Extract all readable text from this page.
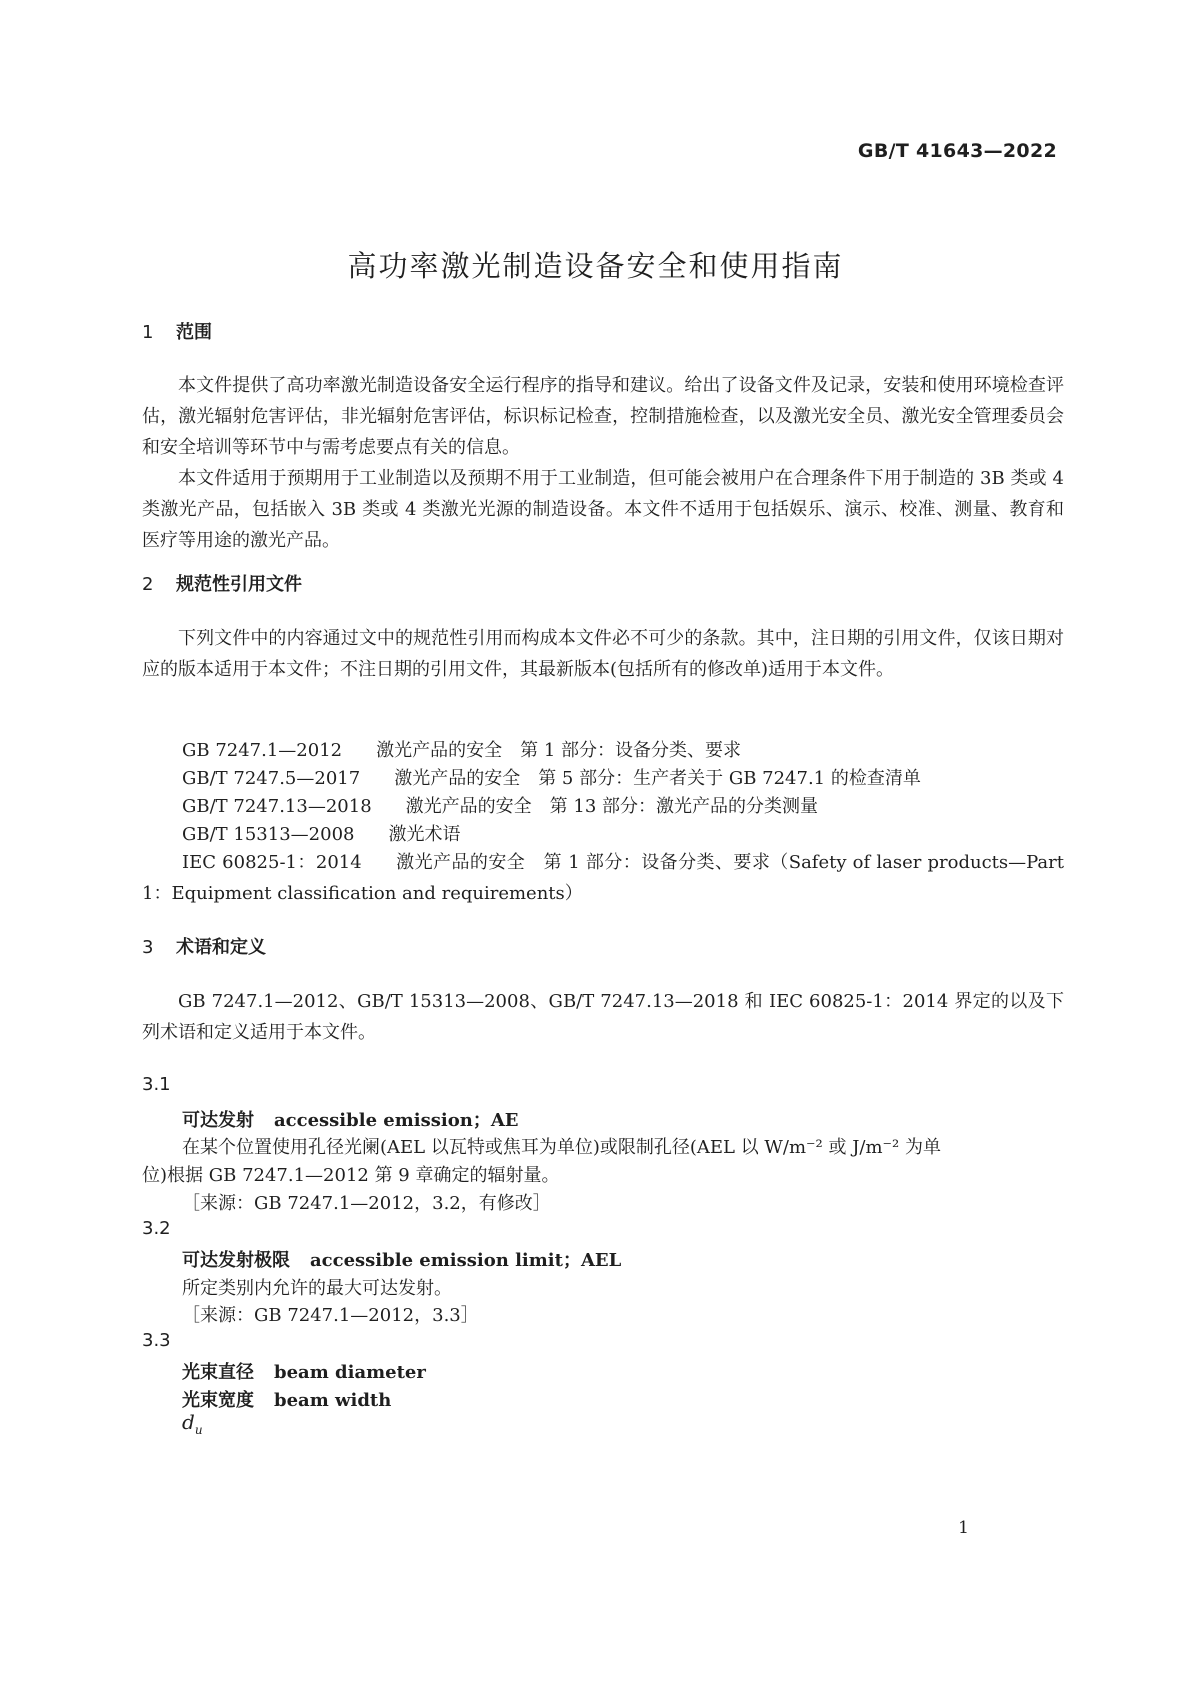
GB/T 41643—2022
高功率激光制造设备安全和使用指南
1 范围
本文件提供了高功率激光制造设备安全运行程序的指导和建议。给出了设备文件及记录，安装和使用环境检查评估，激光辐射危害评估，非光辐射危害评估，标识标记检查，控制措施检查，以及激光安全员、激光安全管理委员会和安全培训等环节中与需考虑要点有关的信息。
本文件适用于预期用于工业制造以及预期不用于工业制造，但可能会被用户在合理条件下用于制造的 3B 类或 4 类激光产品，包括嵌入 3B 类或 4 类激光光源的制造设备。本文件不适用于包括娱乐、演示、校准、测量、教育和医疗等用途的激光产品。
2 规范性引用文件
下列文件中的内容通过文中的规范性引用而构成本文件必不可少的条款。其中，注日期的引用文件，仅该日期对应的版本适用于本文件；不注日期的引用文件，其最新版本(包括所有的修改单)适用于本文件。
GB 7247.1—2012 激光产品的安全　第 1 部分：设备分类、要求
GB/T 7247.5—2017 激光产品的安全　第 5 部分：生产者关于 GB 7247.1 的检查清单
GB/T 7247.13—2018 激光产品的安全　第 13 部分：激光产品的分类测量
GB/T 15313—2008 激光术语
IEC 60825-1：2014 激光产品的安全　第 1 部分：设备分类、要求（Safety of laser products—Part 1：Equipment classification and requirements）
3 术语和定义
GB 7247.1—2012、GB/T 15313—2008、GB/T 7247.13—2018 和 IEC 60825-1：2014 界定的以及下列术语和定义适用于本文件。
3.1
可达发射 accessible emission；AE
在某个位置使用孔径光阑(AEL 以瓦特或焦耳为单位)或限制孔径(AEL 以 W/m⁻² 或 J/m⁻² 为单
位)根据 GB 7247.1—2012 第 9 章确定的辐射量。
［来源：GB 7247.1—2012，3.2，有修改］
3.2
可达发射极限 accessible emission limit；AEL
所定类别内允许的最大可达发射。
［来源：GB 7247.1—2012，3.3］
3.3
光束直径 beam diameter
光束宽度 beam width
$d_u$
1
